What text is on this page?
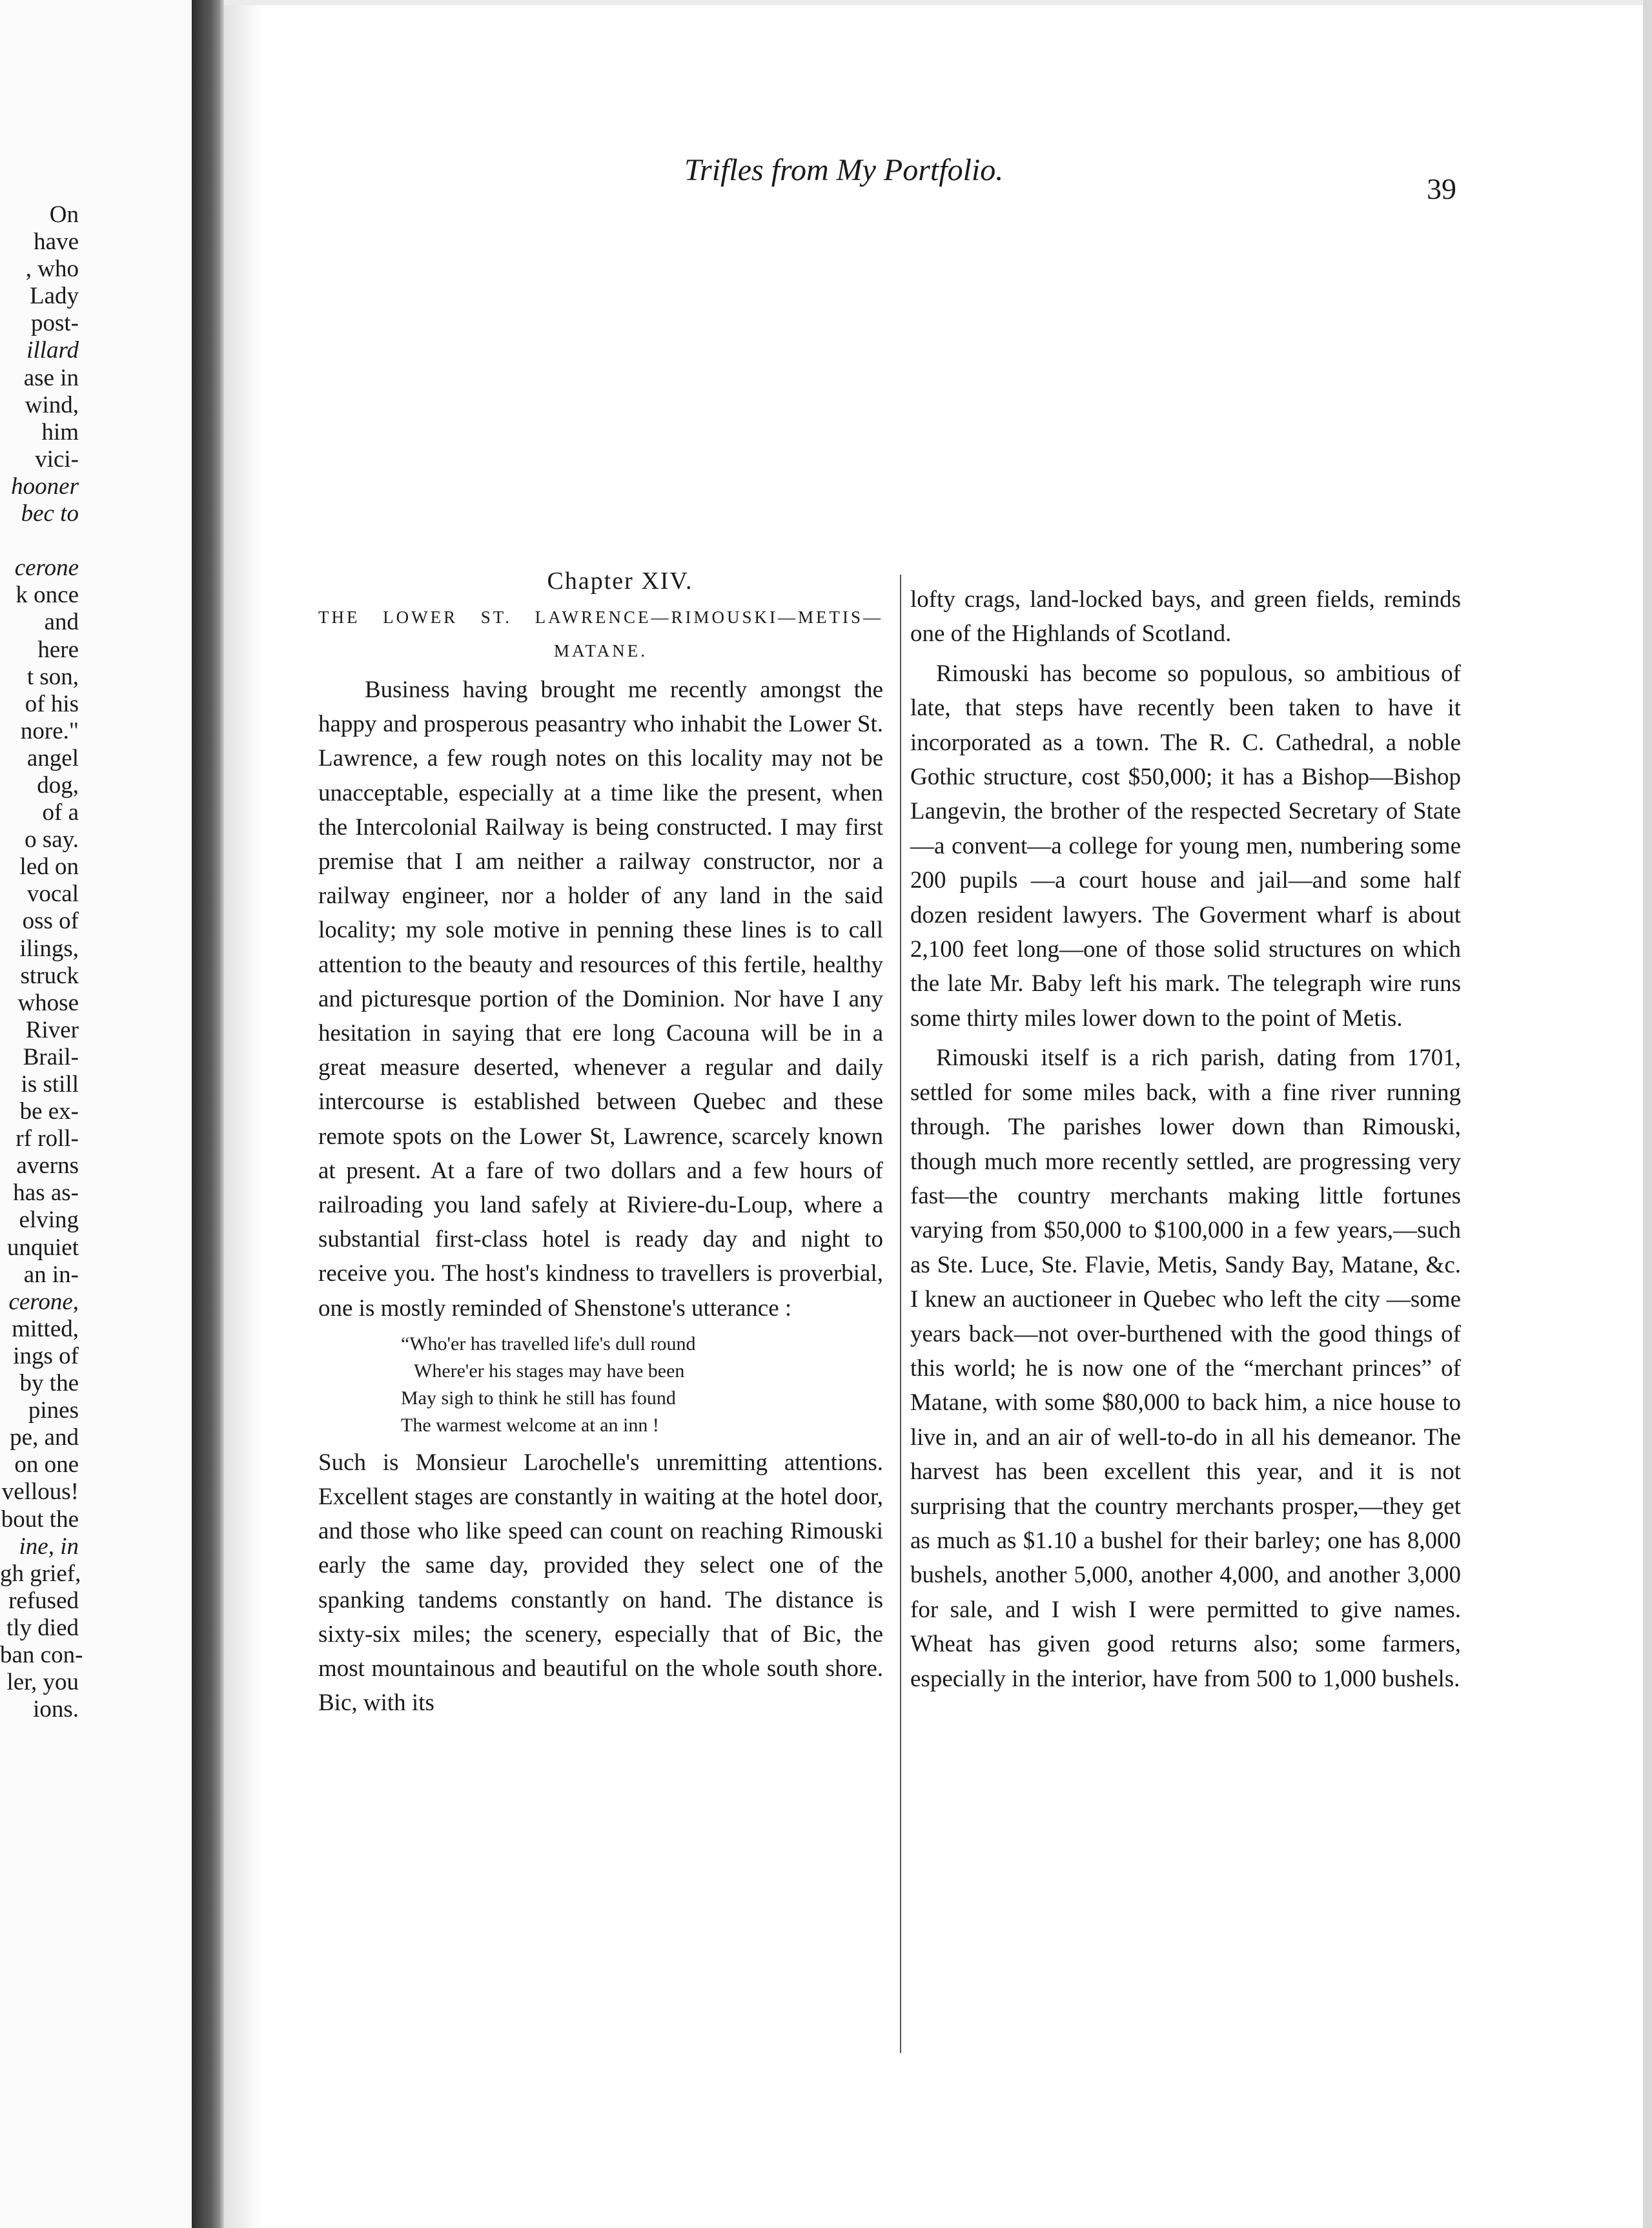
On
have
, who
Lady
post-
illard
ase in
wind,
him
vici-
hooner
bec to
cerone
k once
and
here
t son,
of his
nore."
angel
dog,
of a
o say.
led on
vocal
oss of
ilings,
struck
whose
River
Brail-
is still
be ex-
rf roll-
averns
has as-
elving
unquiet
an in-
cerone,
mitted,
ings of
by the
pines
pe, and
on one
vellous!
bout the
ine, in
gh grief,
refused
tly died
ban con-
ler, you
ions.
Trifles from My Portfolio.
39
Chapter XIV.
THE LOWER ST. LAWRENCE—RIMOUSKI—METIS—MATANE.

Business having brought me recently amongst the happy and prosperous peasantry who inhabit the Lower St. Lawrence, a few rough notes on this locality may not be unacceptable, especially at a time like the present, when the Intercolonial Railway is being constructed. I may first premise that I am neither a railway constructor, nor a railway engineer, nor a holder of any land in the said locality; my sole motive in penning these lines is to call attention to the beauty and resources of this fertile, healthy and picturesque portion of the Dominion. Nor have I any hesitation in saying that ere long Cacouna will be in a great measure deserted, whenever a regular and daily intercourse is established between Quebec and these remote spots on the Lower St, Lawrence, scarcely known at present. At a fare of two dollars and a few hours of railroading you land safely at Riviere-du-Loup, where a substantial first-class hotel is ready day and night to receive you. The host's kindness to travellers is proverbial, one is mostly reminded of Shenstone's utterance :

“Who'er has travelled life's dull round
Where'er his stages may have been
May sigh to think he still has found
The warmest welcome at an inn !

Such is Monsieur Larochelle's unremitting attentions. Excellent stages are constantly in waiting at the hotel door, and those who like speed can count on reaching Rimouski early the same day, provided they select one of the spanking tandems constantly on hand. The distance is sixty-six miles; the scenery, especially that of Bic, the most mountainous and beautiful on the whole south shore. Bic, with its

lofty crags, land-locked bays, and green fields, reminds one of the Highlands of Scotland.

Rimouski has become so populous, so ambitious of late, that steps have recently been taken to have it incorporated as a town. The R. C. Cathedral, a noble Gothic structure, cost $50,000; it has a Bishop—Bishop Langevin, the brother of the respected Secretary of State—a convent—a college for young men, numbering some 200 pupils —a court house and jail—and some half dozen resident lawyers. The Goverment wharf is about 2,100 feet long—one of those solid structures on which the late Mr. Baby left his mark. The telegraph wire runs some thirty miles lower down to the point of Metis.

Rimouski itself is a rich parish, dating from 1701, settled for some miles back, with a fine river running through. The parishes lower down than Rimouski, though much more recently settled, are progressing very fast—the country merchants making little fortunes varying from $50,000 to $100,000 in a few years,—such as Ste. Luce, Ste. Flavie, Metis, Sandy Bay, Matane, &c. I knew an auctioneer in Quebec who left the city —some years back—not over-burthened with the good things of this world; he is now one of the “merchant princes” of Matane, with some $80,000 to back him, a nice house to live in, and an air of well-to-do in all his demeanor. The harvest has been excellent this year, and it is not surprising that the country merchants prosper,—they get as much as $1.10 a bushel for their barley; one has 8,000 bushels, another 5,000, another 4,000, and another 3,000 for sale, and I wish I were permitted to give names. Wheat has given good returns also; some farmers, especially in the interior, have from 500 to 1,000 bushels.
